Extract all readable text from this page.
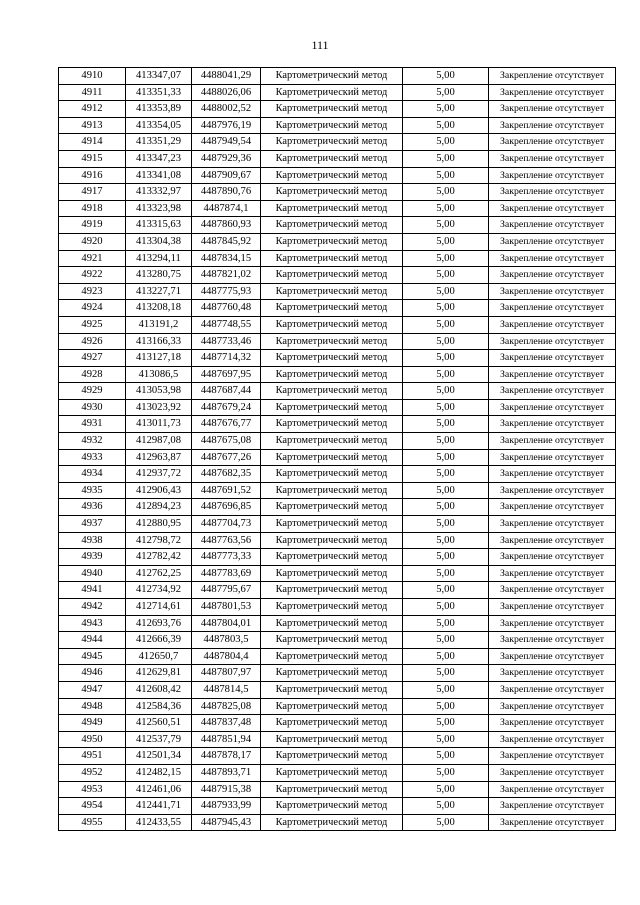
111
4910	413347,07	4488041,29	Картометрический метод	5,00	Закрепление отсутствует
4911	413351,33	4488026,06	Картометрический метод	5,00	Закрепление отсутствует
4912	413353,89	4488002,52	Картометрический метод	5,00	Закрепление отсутствует
4913	413354,05	4487976,19	Картометрический метод	5,00	Закрепление отсутствует
4914	413351,29	4487949,54	Картометрический метод	5,00	Закрепление отсутствует
4915	413347,23	4487929,36	Картометрический метод	5,00	Закрепление отсутствует
4916	413341,08	4487909,67	Картометрический метод	5,00	Закрепление отсутствует
4917	413332,97	4487890,76	Картометрический метод	5,00	Закрепление отсутствует
4918	413323,98	4487874,1	Картометрический метод	5,00	Закрепление отсутствует
4919	413315,63	4487860,93	Картометрический метод	5,00	Закрепление отсутствует
4920	413304,38	4487845,92	Картометрический метод	5,00	Закрепление отсутствует
4921	413294,11	4487834,15	Картометрический метод	5,00	Закрепление отсутствует
4922	413280,75	4487821,02	Картометрический метод	5,00	Закрепление отсутствует
4923	413227,71	4487775,93	Картометрический метод	5,00	Закрепление отсутствует
4924	413208,18	4487760,48	Картометрический метод	5,00	Закрепление отсутствует
4925	413191,2	4487748,55	Картометрический метод	5,00	Закрепление отсутствует
4926	413166,33	4487733,46	Картометрический метод	5,00	Закрепление отсутствует
4927	413127,18	4487714,32	Картометрический метод	5,00	Закрепление отсутствует
4928	413086,5	4487697,95	Картометрический метод	5,00	Закрепление отсутствует
4929	413053,98	4487687,44	Картометрический метод	5,00	Закрепление отсутствует
4930	413023,92	4487679,24	Картометрический метод	5,00	Закрепление отсутствует
4931	413011,73	4487676,77	Картометрический метод	5,00	Закрепление отсутствует
4932	412987,08	4487675,08	Картометрический метод	5,00	Закрепление отсутствует
4933	412963,87	4487677,26	Картометрический метод	5,00	Закрепление отсутствует
4934	412937,72	4487682,35	Картометрический метод	5,00	Закрепление отсутствует
4935	412906,43	4487691,52	Картометрический метод	5,00	Закрепление отсутствует
4936	412894,23	4487696,85	Картометрический метод	5,00	Закрепление отсутствует
4937	412880,95	4487704,73	Картометрический метод	5,00	Закрепление отсутствует
4938	412798,72	4487763,56	Картометрический метод	5,00	Закрепление отсутствует
4939	412782,42	4487773,33	Картометрический метод	5,00	Закрепление отсутствует
4940	412762,25	4487783,69	Картометрический метод	5,00	Закрепление отсутствует
4941	412734,92	4487795,67	Картометрический метод	5,00	Закрепление отсутствует
4942	412714,61	4487801,53	Картометрический метод	5,00	Закрепление отсутствует
4943	412693,76	4487804,01	Картометрический метод	5,00	Закрепление отсутствует
4944	412666,39	4487803,5	Картометрический метод	5,00	Закрепление отсутствует
4945	412650,7	4487804,4	Картометрический метод	5,00	Закрепление отсутствует
4946	412629,81	4487807,97	Картометрический метод	5,00	Закрепление отсутствует
4947	412608,42	4487814,5	Картометрический метод	5,00	Закрепление отсутствует
4948	412584,36	4487825,08	Картометрический метод	5,00	Закрепление отсутствует
4949	412560,51	4487837,48	Картометрический метод	5,00	Закрепление отсутствует
4950	412537,79	4487851,94	Картометрический метод	5,00	Закрепление отсутствует
4951	412501,34	4487878,17	Картометрический метод	5,00	Закрепление отсутствует
4952	412482,15	4487893,71	Картометрический метод	5,00	Закрепление отсутствует
4953	412461,06	4487915,38	Картометрический метод	5,00	Закрепление отсутствует
4954	412441,71	4487933,99	Картометрический метод	5,00	Закрепление отсутствует
4955	412433,55	4487945,43	Картометрический метод	5,00	Закрепление отсутствует
